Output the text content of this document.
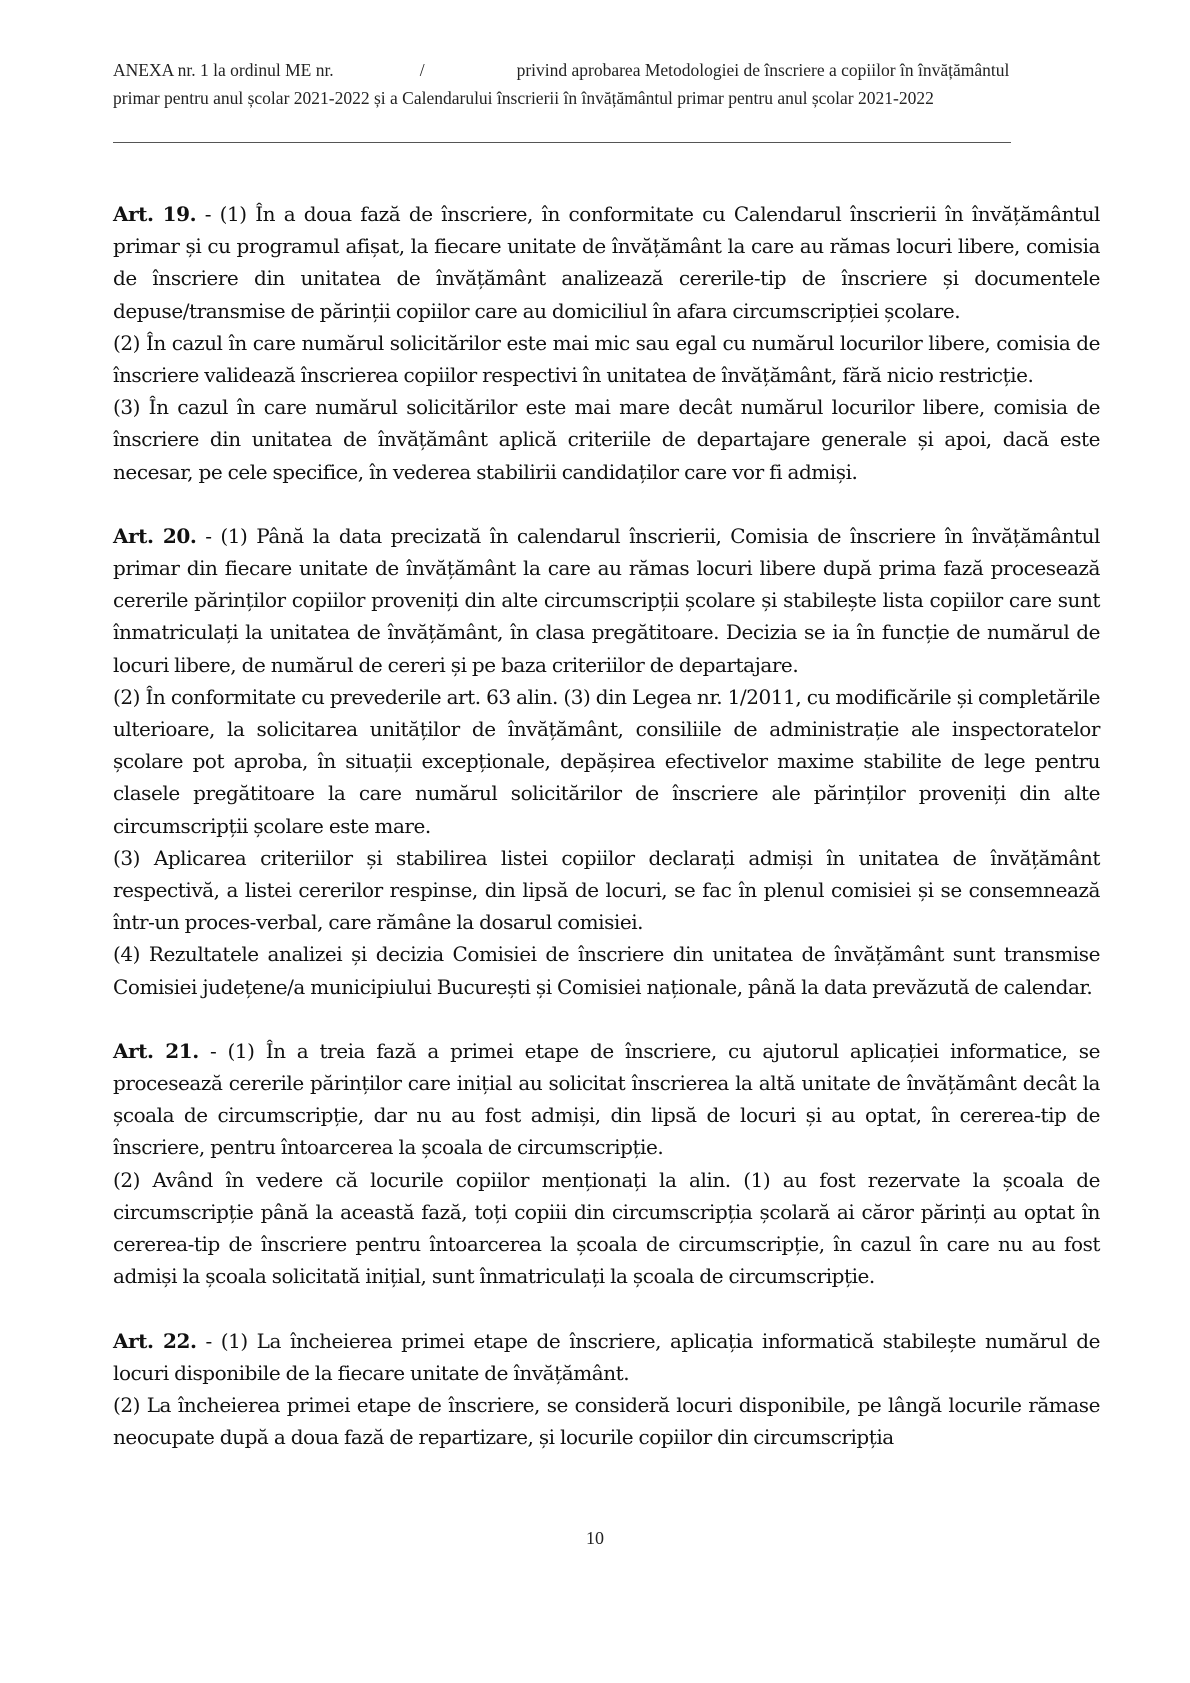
ANEXA nr. 1 la ordinul ME nr.	/	privind aprobarea Metodologiei de înscriere a copiilor în învățământul
primar pentru anul școlar 2021-2022 și a Calendarului înscrierii în învățământul primar pentru anul școlar 2021-2022

Art. 19. - (1) În a doua fază de înscriere, în conformitate cu Calendarul înscrierii în învățământul primar și cu programul afișat, la fiecare unitate de învățământ la care au rămas locuri libere, comisia de înscriere din unitatea de învățământ analizează cererile-tip de înscriere și documentele depuse/transmise de părinții copiilor care au domiciliul în afara circumscripției școlare.

(2) În cazul în care numărul solicitărilor este mai mic sau egal cu numărul locurilor libere, comisia de înscriere validează înscrierea copiilor respectivi în unitatea de învățământ, fără nicio restricție.

(3) În cazul în care numărul solicitărilor este mai mare decât numărul locurilor libere, comisia de înscriere din unitatea de învățământ aplică criteriile de departajare generale și apoi, dacă este necesar, pe cele specifice, în vederea stabilirii candidaților care vor fi admiși.

Art. 20. - (1) Până la data precizată în calendarul înscrierii, Comisia de înscriere în învățământul primar din fiecare unitate de învățământ la care au rămas locuri libere după prima fază procesează cererile părinților copiilor proveniți din alte circumscripții școlare și stabilește lista copiilor care sunt înmatriculați la unitatea de învățământ, în clasa pregătitoare. Decizia se ia în funcție de numărul de locuri libere, de numărul de cereri și pe baza criteriilor de departajare.

(2) În conformitate cu prevederile art. 63 alin. (3) din Legea nr. 1/2011, cu modificările și completările ulterioare, la solicitarea unităților de învățământ, consiliile de administrație ale inspectoratelor școlare pot aproba, în situații excepționale, depășirea efectivelor maxime stabilite de lege pentru clasele pregătitoare la care numărul solicitărilor de înscriere ale părinților proveniți din alte circumscripții școlare este mare.

(3) Aplicarea criteriilor și stabilirea listei copiilor declarați admiși în unitatea de învățământ respectivă, a listei cererilor respinse, din lipsă de locuri, se fac în plenul comisiei și se consemnează într-un proces-verbal, care rămâne la dosarul comisiei.

(4) Rezultatele analizei și decizia Comisiei de înscriere din unitatea de învățământ sunt transmise Comisiei județene/a municipiului București și Comisiei naționale, până la data prevăzută de calendar.

Art. 21. - (1) În a treia fază a primei etape de înscriere, cu ajutorul aplicației informatice, se procesează cererile părinților care inițial au solicitat înscrierea la altă unitate de învățământ decât la școala de circumscripție, dar nu au fost admiși, din lipsă de locuri și au optat, în cererea-tip de înscriere, pentru întoarcerea la școala de circumscripție.

(2) Având în vedere că locurile copiilor menționați la alin. (1) au fost rezervate la școala de circumscripție până la această fază, toți copiii din circumscripția școlară ai căror părinți au optat în cererea-tip de înscriere pentru întoarcerea la școala de circumscripție, în cazul în care nu au fost admiși la școala solicitată inițial, sunt înmatriculați la școala de circumscripție.

Art. 22. - (1) La încheierea primei etape de înscriere, aplicația informatică stabilește numărul de locuri disponibile de la fiecare unitate de învățământ.

(2) La încheierea primei etape de înscriere, se consideră locuri disponibile, pe lângă locurile rămase neocupate după a doua fază de repartizare, și locurile copiilor din circumscripția

10
